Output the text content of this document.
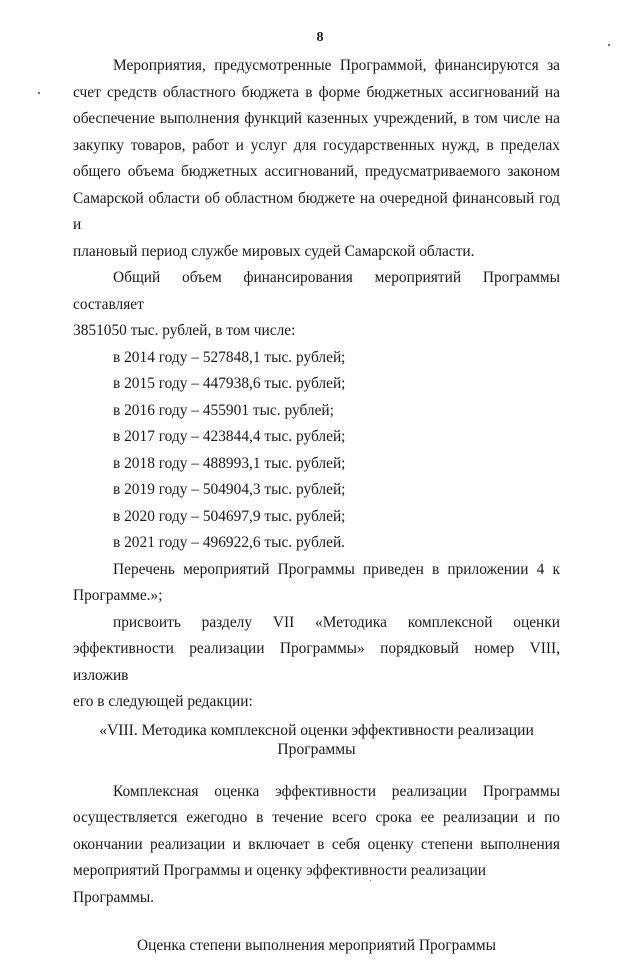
8

Мероприятия, предусмотренные Программой, финансируются за

счет средств областного бюджета в форме бюджетных ассигнований на

обеспечение выполнения функций казенных учреждений, в том числе на

закупку товаров, работ и услуг для государственных нужд, в пределах

общего объема бюджетных ассигнований, предусматриваемого законом

Самарской области об областном бюджете на очередной финансовый год и

плановый период службе мировых судей Самарской области.

Общий объем финансирования мероприятий Программы составляет

3851050 тыс. рублей, в том числе:

в 2014 году – 527848,1 тыс. рублей;

в 2015 году – 447938,6 тыс. рублей;

в 2016 году – 455901 тыс. рублей;

в 2017 году – 423844,4 тыс. рублей;

в 2018 году – 488993,1 тыс. рублей;

в 2019 году – 504904,3 тыс. рублей;

в 2020 году – 504697,9 тыс. рублей;

в 2021 году – 496922,6 тыс. рублей.

Перечень мероприятий Программы приведен в приложении 4 к

Программе.»;

присвоить разделу VII «Методика комплексной оценки

эффективности реализации Программы» порядковый номер VIII, изложив

его в следующей редакции:

«VIII. Методика комплексной оценки эффективности реализации
Программы

Комплексная оценка эффективности реализации Программы

осуществляется ежегодно в течение всего срока ее реализации и по

окончании реализации и включает в себя оценку степени выполнения

мероприятий Программы и оценку эффективности реализации Программы.

Оценка степени выполнения мероприятий Программы
